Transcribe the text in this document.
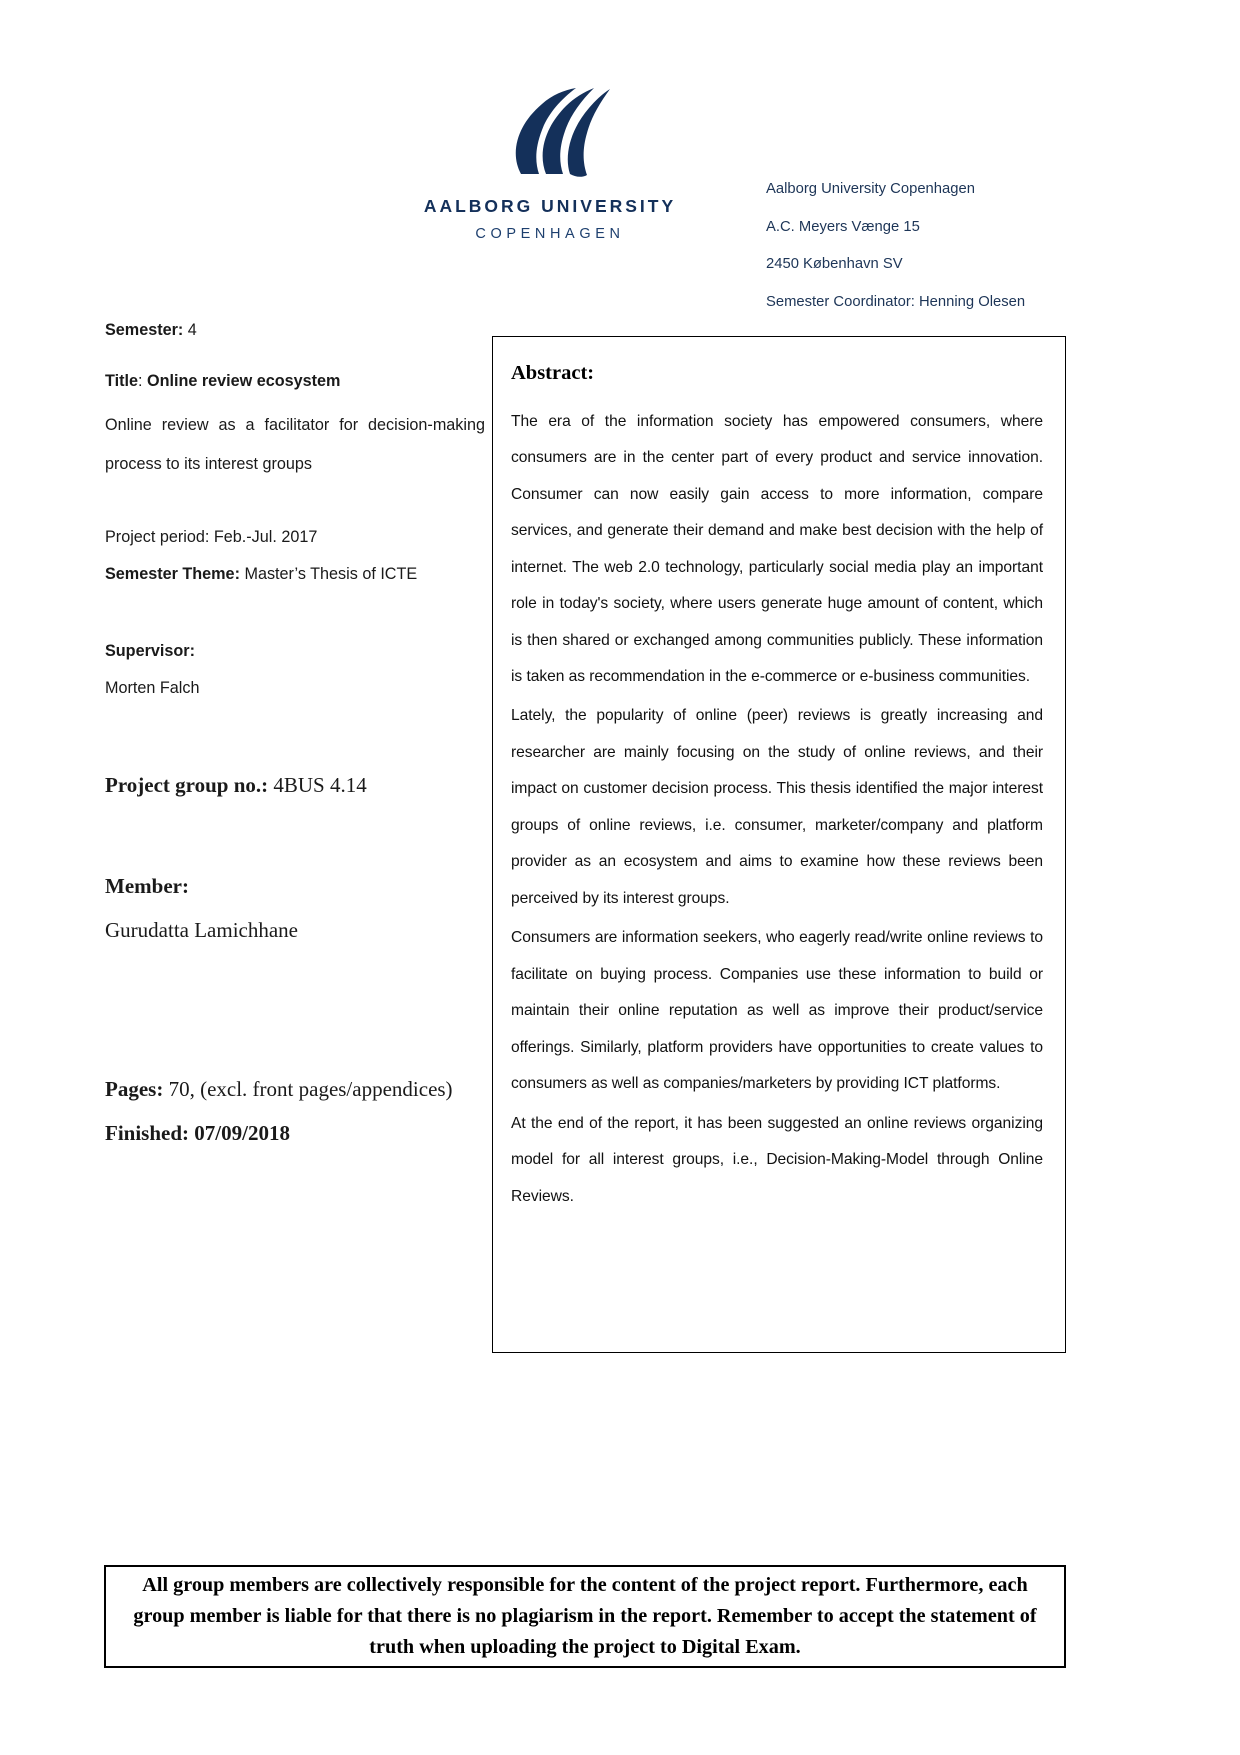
AALBORG UNIVERSITY
COPENHAGEN
Aalborg University Copenhagen
A.C. Meyers Vænge 15
2450 København SV
Semester Coordinator: Henning Olesen

Semester: 4

Title: Online review ecosystem

Online review as a facilitator for decision-making process to its interest groups

Project period: Feb.-Jul. 2017

Semester Theme: Master’s Thesis of ICTE

Supervisor:

Morten Falch

Project group no.: 4BUS 4.14

Member:

Gurudatta Lamichhane

Pages: 70, (excl. front pages/appendices)

Finished: 07/09/2018

Abstract:

The era of the information society has empowered consumers, where consumers are in the center part of every product and service innovation. Consumer can now easily gain access to more information, compare services, and generate their demand and make best decision with the help of internet. The web 2.0 technology, particularly social media play an important role in today's society, where users generate huge amount of content, which is then shared or exchanged among communities publicly. These information is taken as recommendation in the e-commerce or e-business communities.

Lately, the popularity of online (peer) reviews is greatly increasing and researcher are mainly focusing on the study of online reviews, and their impact on customer decision process. This thesis identified the major interest groups of online reviews, i.e. consumer, marketer/company and platform provider as an ecosystem and aims to examine how these reviews been perceived by its interest groups.

Consumers are information seekers, who eagerly read/write online reviews to facilitate on buying process. Companies use these information to build or maintain their online reputation as well as improve their product/service offerings. Similarly, platform providers have opportunities to create values to consumers as well as companies/marketers by providing ICT platforms.

At the end of the report, it has been suggested an online reviews organizing model for all interest groups, i.e., Decision-Making-Model through Online Reviews.

All group members are collectively responsible for the content of the project report. Furthermore, each group member is liable for that there is no plagiarism in the report. Remember to accept the statement of truth when uploading the project to Digital Exam.
